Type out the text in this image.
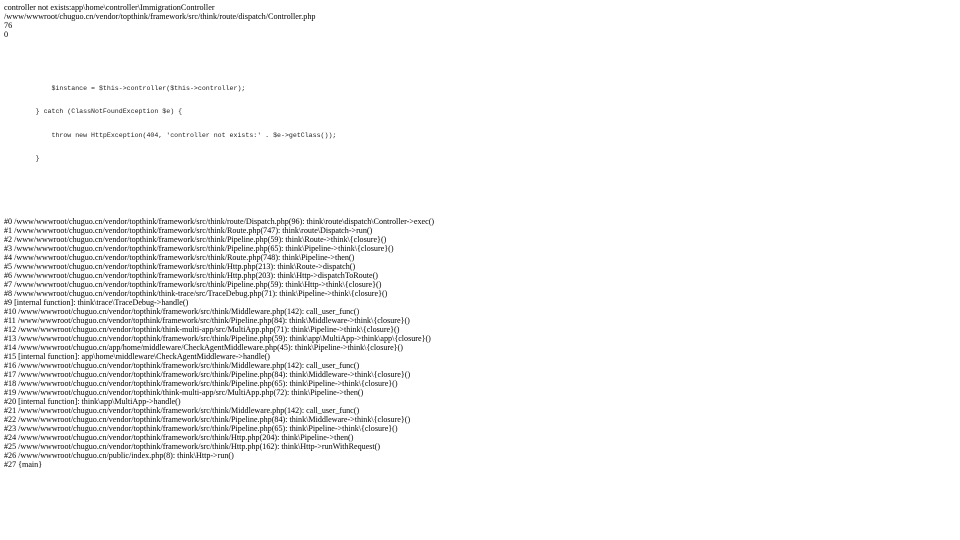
controller not exists:app\home\controller\ImmigrationController
/www/wwwroot/chuguo.cn/vendor/topthink/framework/src/think/route/dispatch/Controller.php
76
0

$instance = $this->controller($this->controller);

} catch (ClassNotFoundException $e) {

throw new HttpException(404, 'controller not exists:' . $e->getClass());

}

#0 /www/wwwroot/chuguo.cn/vendor/topthink/framework/src/think/route/Dispatch.php(96): think\route\dispatch\Controller->exec()
#1 /www/wwwroot/chuguo.cn/vendor/topthink/framework/src/think/Route.php(747): think\route\Dispatch->run()
#2 /www/wwwroot/chuguo.cn/vendor/topthink/framework/src/think/Pipeline.php(59): think\Route->think\{closure}()
#3 /www/wwwroot/chuguo.cn/vendor/topthink/framework/src/think/Pipeline.php(65): think\Pipeline->think\{closure}()
#4 /www/wwwroot/chuguo.cn/vendor/topthink/framework/src/think/Route.php(748): think\Pipeline->then()
#5 /www/wwwroot/chuguo.cn/vendor/topthink/framework/src/think/Http.php(213): think\Route->dispatch()
#6 /www/wwwroot/chuguo.cn/vendor/topthink/framework/src/think/Http.php(203): think\Http->dispatchToRoute()
#7 /www/wwwroot/chuguo.cn/vendor/topthink/framework/src/think/Pipeline.php(59): think\Http->think\{closure}()
#8 /www/wwwroot/chuguo.cn/vendor/topthink/think-trace/src/TraceDebug.php(71): think\Pipeline->think\{closure}()
#9 [internal function]: think\trace\TraceDebug->handle()
#10 /www/wwwroot/chuguo.cn/vendor/topthink/framework/src/think/Middleware.php(142): call_user_func()
#11 /www/wwwroot/chuguo.cn/vendor/topthink/framework/src/think/Pipeline.php(84): think\Middleware->think\{closure}()
#12 /www/wwwroot/chuguo.cn/vendor/topthink/think-multi-app/src/MultiApp.php(71): think\Pipeline->think\{closure}()
#13 /www/wwwroot/chuguo.cn/vendor/topthink/framework/src/think/Pipeline.php(59): think\app\MultiApp->think\app\{closure}()
#14 /www/wwwroot/chuguo.cn/app/home/middleware/CheckAgentMiddleware.php(45): think\Pipeline->think\{closure}()
#15 [internal function]: app\home\middleware\CheckAgentMiddleware->handle()
#16 /www/wwwroot/chuguo.cn/vendor/topthink/framework/src/think/Middleware.php(142): call_user_func()
#17 /www/wwwroot/chuguo.cn/vendor/topthink/framework/src/think/Pipeline.php(84): think\Middleware->think\{closure}()
#18 /www/wwwroot/chuguo.cn/vendor/topthink/framework/src/think/Pipeline.php(65): think\Pipeline->think\{closure}()
#19 /www/wwwroot/chuguo.cn/vendor/topthink/think-multi-app/src/MultiApp.php(72): think\Pipeline->then()
#20 [internal function]: think\app\MultiApp->handle()
#21 /www/wwwroot/chuguo.cn/vendor/topthink/framework/src/think/Middleware.php(142): call_user_func()
#22 /www/wwwroot/chuguo.cn/vendor/topthink/framework/src/think/Pipeline.php(84): think\Middleware->think\{closure}()
#23 /www/wwwroot/chuguo.cn/vendor/topthink/framework/src/think/Pipeline.php(65): think\Pipeline->think\{closure}()
#24 /www/wwwroot/chuguo.cn/vendor/topthink/framework/src/think/Http.php(204): think\Pipeline->then()
#25 /www/wwwroot/chuguo.cn/vendor/topthink/framework/src/think/Http.php(162): think\Http->runWithRequest()
#26 /www/wwwroot/chuguo.cn/public/index.php(8): think\Http->run()
#27 {main}
